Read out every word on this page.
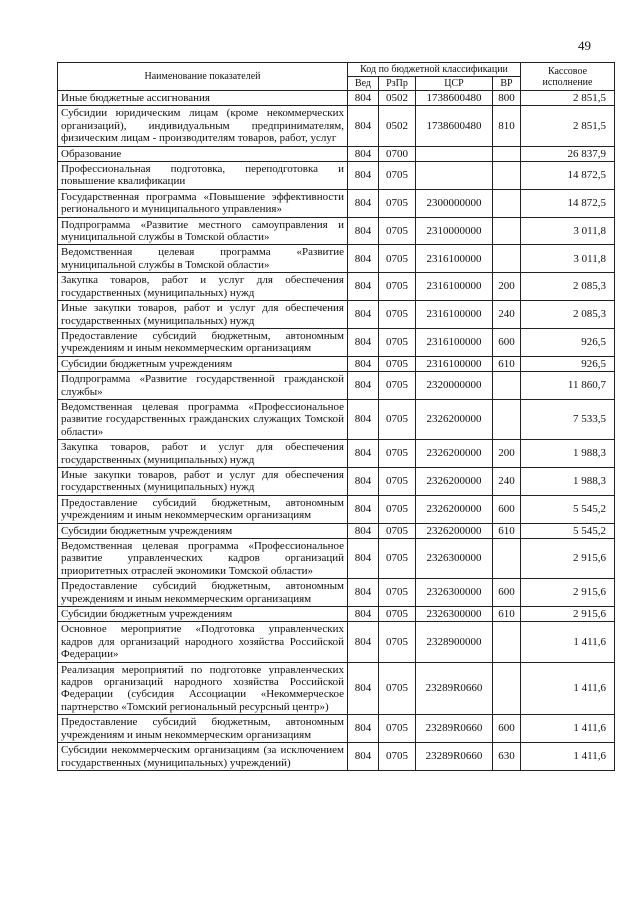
49
Наименование показателей	Код по бюджетной классификации				Кассовое исполнение
	Вед	РзПр	ЦСР	ВР	
Иные бюджетные ассигнования	804	0502	1738600480	800	2 851,5
Субсидии юридическим лицам (кроме некоммерческих организаций), индивидуальным предпринимателям, физическим лицам - производителям товаров, работ, услуг	804	0502	1738600480	810	2 851,5
Образование	804	0700			26 837,9
Профессиональная подготовка, переподготовка и повышение квалификации	804	0705			14 872,5
Государственная программа «Повышение эффективности регионального и муниципального управления»	804	0705	2300000000		14 872,5
Подпрограмма «Развитие местного самоуправления и муниципальной службы в Томской области»	804	0705	2310000000		3 011,8
Ведомственная целевая программа «Развитие муниципальной службы в Томской области»	804	0705	2316100000		3 011,8
Закупка товаров, работ и услуг для обеспечения государственных (муниципальных) нужд	804	0705	2316100000	200	2 085,3
Иные закупки товаров, работ и услуг для обеспечения государственных (муниципальных) нужд	804	0705	2316100000	240	2 085,3
Предоставление субсидий бюджетным, автономным учреждениям и иным некоммерческим организациям	804	0705	2316100000	600	926,5
Субсидии бюджетным учреждениям	804	0705	2316100000	610	926,5
Подпрограмма «Развитие государственной гражданской службы»	804	0705	2320000000		11 860,7
Ведомственная целевая программа «Профессиональное развитие государственных гражданских служащих Томской области»	804	0705	2326200000		7 533,5
Закупка товаров, работ и услуг для обеспечения государственных (муниципальных) нужд	804	0705	2326200000	200	1 988,3
Иные закупки товаров, работ и услуг для обеспечения государственных (муниципальных) нужд	804	0705	2326200000	240	1 988,3
Предоставление субсидий бюджетным, автономным учреждениям и иным некоммерческим организациям	804	0705	2326200000	600	5 545,2
Субсидии бюджетным учреждениям	804	0705	2326200000	610	5 545,2
Ведомственная целевая программа «Профессиональное развитие управленческих кадров организаций приоритетных отраслей экономики Томской области»	804	0705	2326300000		2 915,6
Предоставление субсидий бюджетным, автономным учреждениям и иным некоммерческим организациям	804	0705	2326300000	600	2 915,6
Субсидии бюджетным учреждениям	804	0705	2326300000	610	2 915,6
Основное мероприятие «Подготовка управленческих кадров для организаций народного хозяйства Российской Федерации»	804	0705	2328900000		1 411,6
Реализация мероприятий по подготовке управленческих кадров организаций народного хозяйства Российской Федерации (субсидия Ассоциации «Некоммерческое партнерство «Томский региональный ресурсный центр»)	804	0705	23289R0660		1 411,6
Предоставление субсидий бюджетным, автономным учреждениям и иным некоммерческим организациям	804	0705	23289R0660	600	1 411,6
Субсидии некоммерческим организациям (за исключением государственных (муниципальных) учреждений)	804	0705	23289R0660	630	1 411,6
